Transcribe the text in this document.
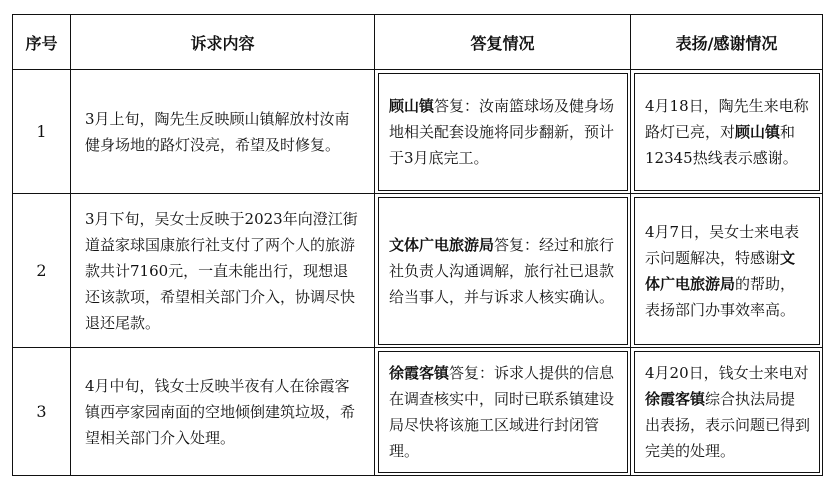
序号	诉求内容	答复情况	表扬/感谢情况
1	3月上旬，陶先生反映顾山镇解放村汝南健身场地的路灯没亮，希望及时修复。	顾山镇答复：汝南篮球场及健身场地相关配套设施将同步翻新，预计于3月底完工。	4月18日，陶先生来电称路灯已亮，对顾山镇和12345热线表示感谢。
2	3月下旬，吴女士反映于2023年向澄江街道益家球国康旅行社支付了两个人的旅游款共计7160元，一直未能出行，现想退还该款项，希望相关部门介入，协调尽快退还尾款。	文体广电旅游局答复：经过和旅行社负责人沟通调解，旅行社已退款给当事人，并与诉求人核实确认。	4月7日，吴女士来电表示问题解决，特感谢文体广电旅游局的帮助，表扬部门办事效率高。
3	4月中旬，钱女士反映半夜有人在徐霞客镇西亭家园南面的空地倾倒建筑垃圾，希望相关部门介入处理。	徐霞客镇答复：诉求人提供的信息在调查核实中，同时已联系镇建设局尽快将该施工区域进行封闭管理。	4月20日，钱女士来电对徐霞客镇综合执法局提出表扬，表示问题已得到完美的处理。
